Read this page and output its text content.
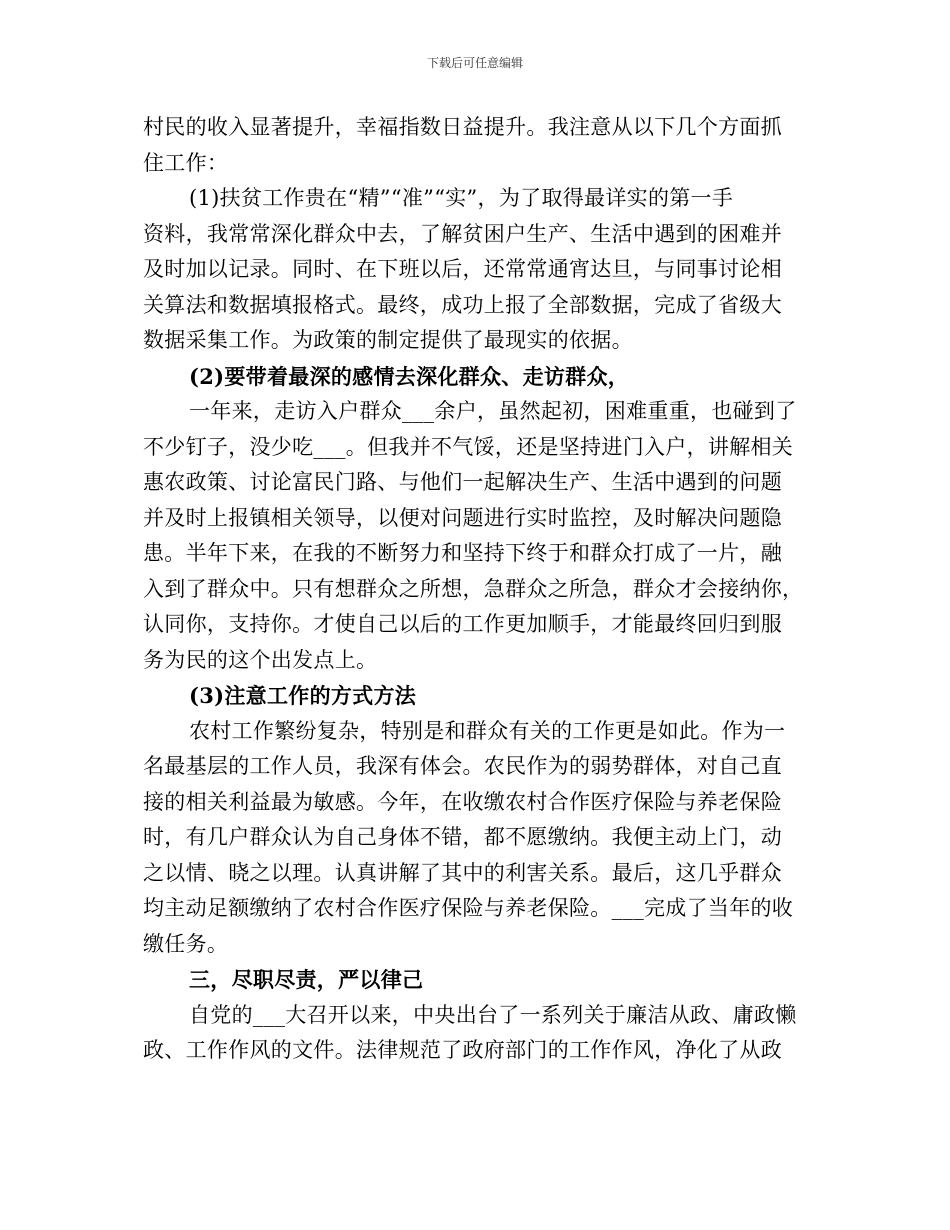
下载后可任意编辑
村民的收入显著提升，幸福指数日益提升。我注意从以下几个方面抓
住工作：
(1)扶贫工作贵在“精”“准”“实”，为了取得最详实的第一手
资料，我常常深化群众中去，了解贫困户生产、生活中遇到的困难并
及时加以记录。同时、在下班以后，还常常通宵达旦，与同事讨论相
关算法和数据填报格式。最终，成功上报了全部数据，完成了省级大
数据采集工作。为政策的制定提供了最现实的依据。
(2)要带着最深的感情去深化群众、走访群众，
一年来，走访入户群众___余户，虽然起初，困难重重，也碰到了
不少钉子，没少吃___。但我并不气馁，还是坚持进门入户，讲解相关
惠农政策、讨论富民门路、与他们一起解决生产、生活中遇到的问题
并及时上报镇相关领导，以便对问题进行实时监控，及时解决问题隐
患。半年下来，在我的不断努力和坚持下终于和群众打成了一片，融
入到了群众中。只有想群众之所想，急群众之所急，群众才会接纳你，
认同你，支持你。才使自己以后的工作更加顺手，才能最终回归到服
务为民的这个出发点上。
(3)注意工作的方式方法
农村工作繁纷复杂，特别是和群众有关的工作更是如此。作为一
名最基层的工作人员，我深有体会。农民作为的弱势群体，对自己直
接的相关利益最为敏感。今年，在收缴农村合作医疗保险与养老保险
时，有几户群众认为自己身体不错，都不愿缴纳。我便主动上门，动
之以情、晓之以理。认真讲解了其中的利害关系。最后，这几乎群众
均主动足额缴纳了农村合作医疗保险与养老保险。___完成了当年的收
缴任务。
三，尽职尽责，严以律己
自党的___大召开以来，中央出台了一系列关于廉洁从政、庸政懒
政、工作作风的文件。法律规范了政府部门的工作作风，净化了从政
